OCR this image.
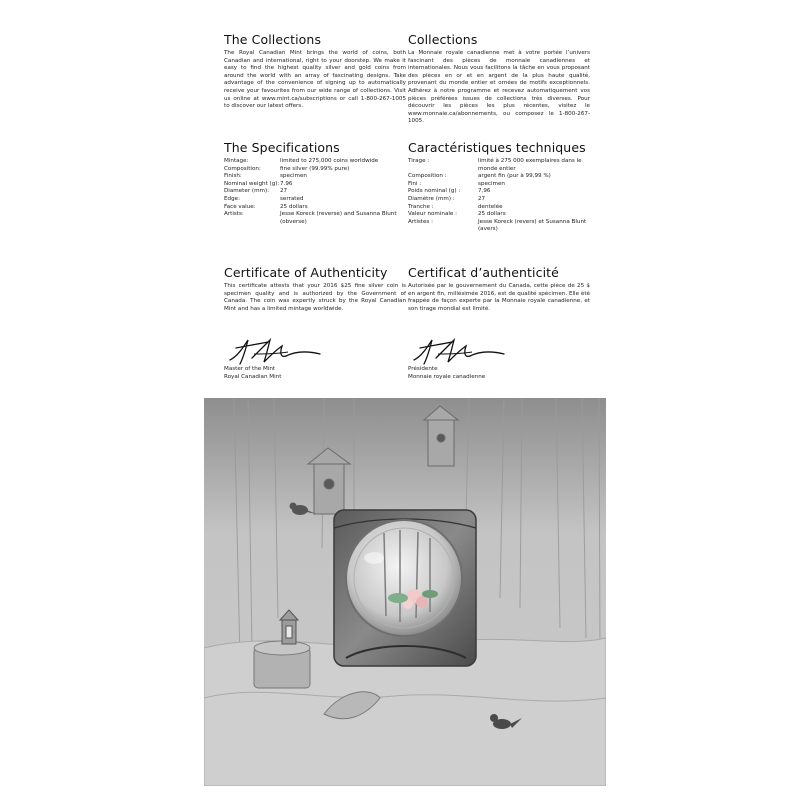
The Collections

The Royal Canadian Mint brings the world of coins, both Canadian and international, right to your doorstep. We make it easy to find the highest quality silver and gold coins from around the world with an array of fascinating designs. Take advantage of the convenience of signing up to automatically receive your favourites from our wide range of collections. Visit us online at www.mint.ca/subscriptions or call 1-800-267-1005 to discover our latest offers.

The Specifications
Mintage:	limited to 275,000 coins worldwide
Composition:	fine silver (99.99% pure)
Finish:	specimen
Nominal weight (g): 7.96
Diameter (mm):	27
Edge:	serrated
Face value:	25 dollars
Artists:	Jesse Koreck (reverse) and Susanna Blunt (obverse)
Certificate of Authenticity

This certificate attests that your 2016 $25 fine silver coin is specimen quality and is authorized by the Government of Canada. The coin was expertly struck by the Royal Canadian Mint and has a limited mintage worldwide.

Master of the Mint
Royal Canadian Mint
Collections

La Monnaie royale canadienne met à votre portée l’univers fascinant des pièces de monnaie canadiennes et internationales. Nous vous facilitons la tâche en vous proposant des pièces en or et en argent de la plus haute qualité, provenant du monde entier et ornées de motifs exceptionnels. Adhérez à notre programme et recevez automatiquement vos pièces préférées issues de collections très diverses. Pour découvrir les pièces les plus récentes, visitez le www.monnaie.ca/abonnements, ou composez le 1-800-267-1005.

Caractéristiques techniques
Tirage :	limité à 275 000 exemplaires dans le monde entier
Composition :	argent fin (pur à 99,99 %)
Fini :	specimen
Poids nominal (g) :	7,96
Diamètre (mm) :	27
Tranche :	dentelée
Valeur nominale :	25 dollars
Artistes :	Jesse Koreck (revers) et Susanna Blunt (avers)
Certificat d’authenticité

Autorisée par le gouvernement du Canada, cette pièce de 25 $ en argent fin, millésimée 2016, est de qualité spécimen. Elle été frappée de façon experte par la Monnaie royale canadienne, et son tirage mondial est limité.

Présidente
Monnaie royale canadienne
